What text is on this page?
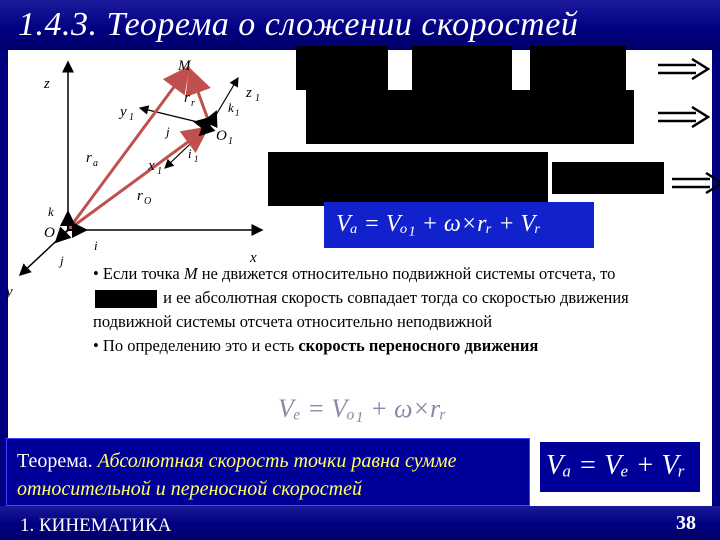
1.4.3. Теорема о сложении скоростей
z
y
x
O
M
z 1
y 1
x 1
O 1
k
j
i
k 1
j
i 1
r a
r r
r O
Vₐ = Vₒ₁ + ω×rᵣ + Vᵣ
• Если точка M не движется относительно подвижной системы отсчета, то  и ее абсолютная скорость совпадает тогда со скоростью движения подвижной системы отсчета относительно неподвижной
• По определению это и есть скорость переносного движения
Vₑ = Vₒ₁ + ω×rᵣ
Теорема. Абсолютная скорость точки равна сумме относительной и переносной скоростей
Vₐ = Vₑ + Vᵣ
1. КИНЕМАТИКА	38
